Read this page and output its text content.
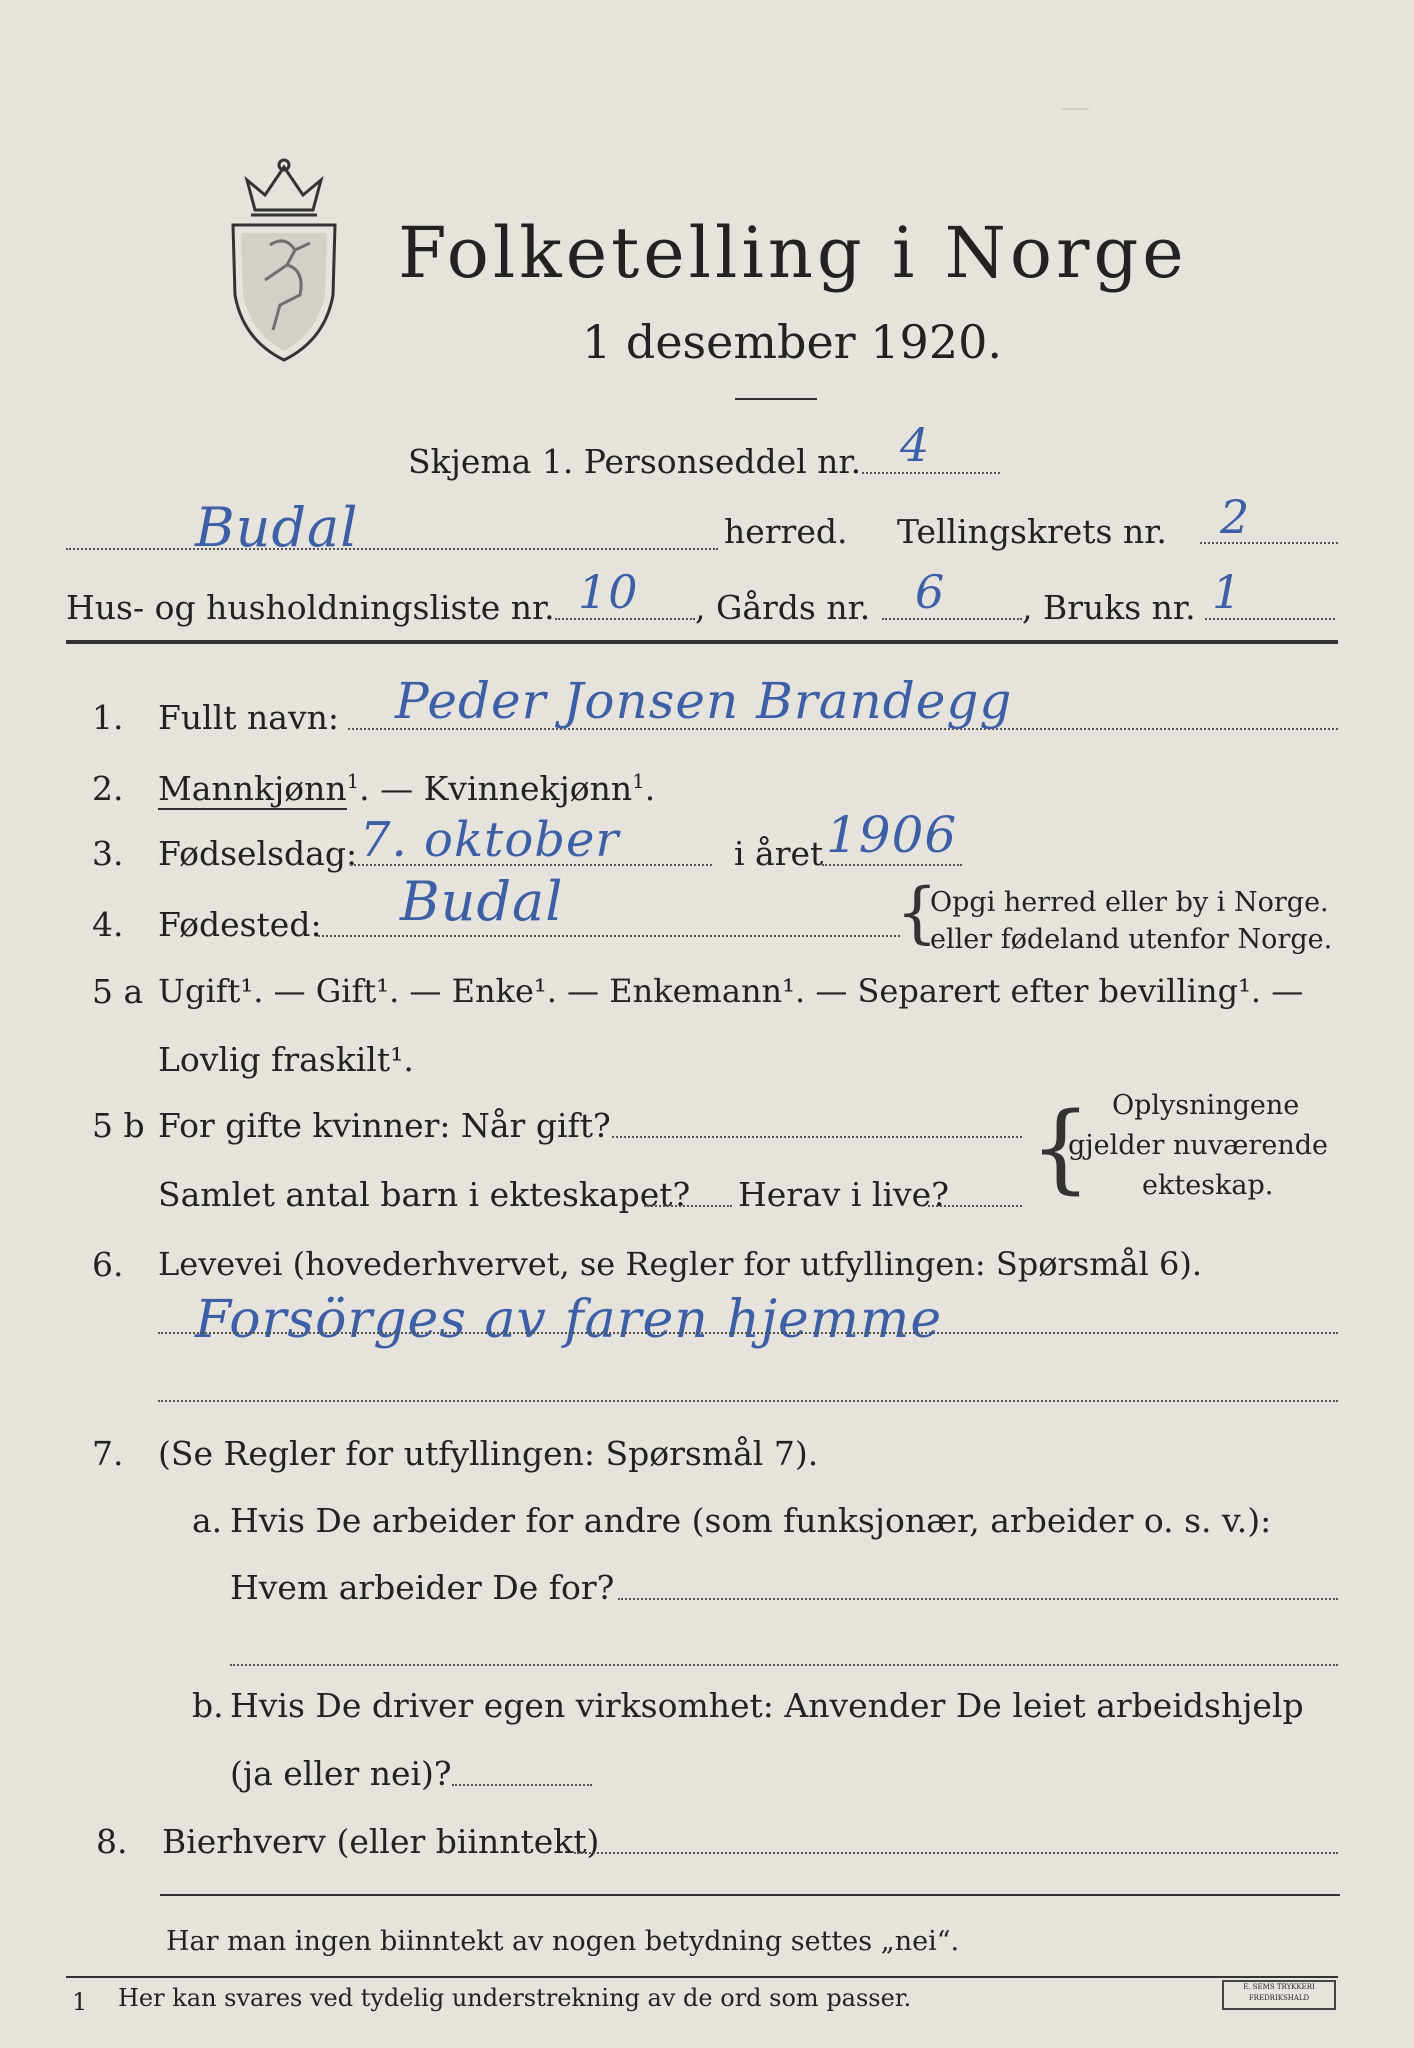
Folketelling i Norge
1 desember 1920.
—
Skjema 1. Personseddel nr. 4
Budal	herred. Tellingskrets nr. 2
Hus- og husholdningsliste nr. 10 , Gårds nr. 6 , Bruks nr. 1
1. Fullt navn: Peder Jonsen Brandegg
2. Mannkjønn$^1$. — Kvinnekjønn$^1$.
3. Fødselsdag: 7. oktober	i året 1906
4. Fødested: Budal	{
Opgi herred eller by i Norge.
eller fødeland utenfor Norge.
5 a Ugift¹. — Gift¹. — Enke¹. — Enkemann¹. — Separert efter bevilling¹. —
Lovlig fraskilt¹.
5 b For gifte kvinner: Når gift?
Samlet antal barn i ekteskapet? Herav i live? { Oplysningene
gjelder nuværende
ekteskap.
6. Levevei (hovederhvervet, se Regler for utfyllingen: Spørsmål 6).
Forsörges av faren hjemme
7. (Se Regler for utfyllingen: Spørsmål 7).
a. Hvis De arbeider for andre (som funksjonær, arbeider o. s. v.):
Hvem arbeider De for?
b. Hvis De driver egen virksomhet: Anvender De leiet arbeidshjelp
(ja eller nei)?
8. Bierhverv (eller biinntekt)
Har man ingen biinntekt av nogen betydning settes „nei“.
1 Her kan svares ved tydelig understrekning av de ord som passer.	E. SEMS TRYKKERI FREDRIKSHALD
